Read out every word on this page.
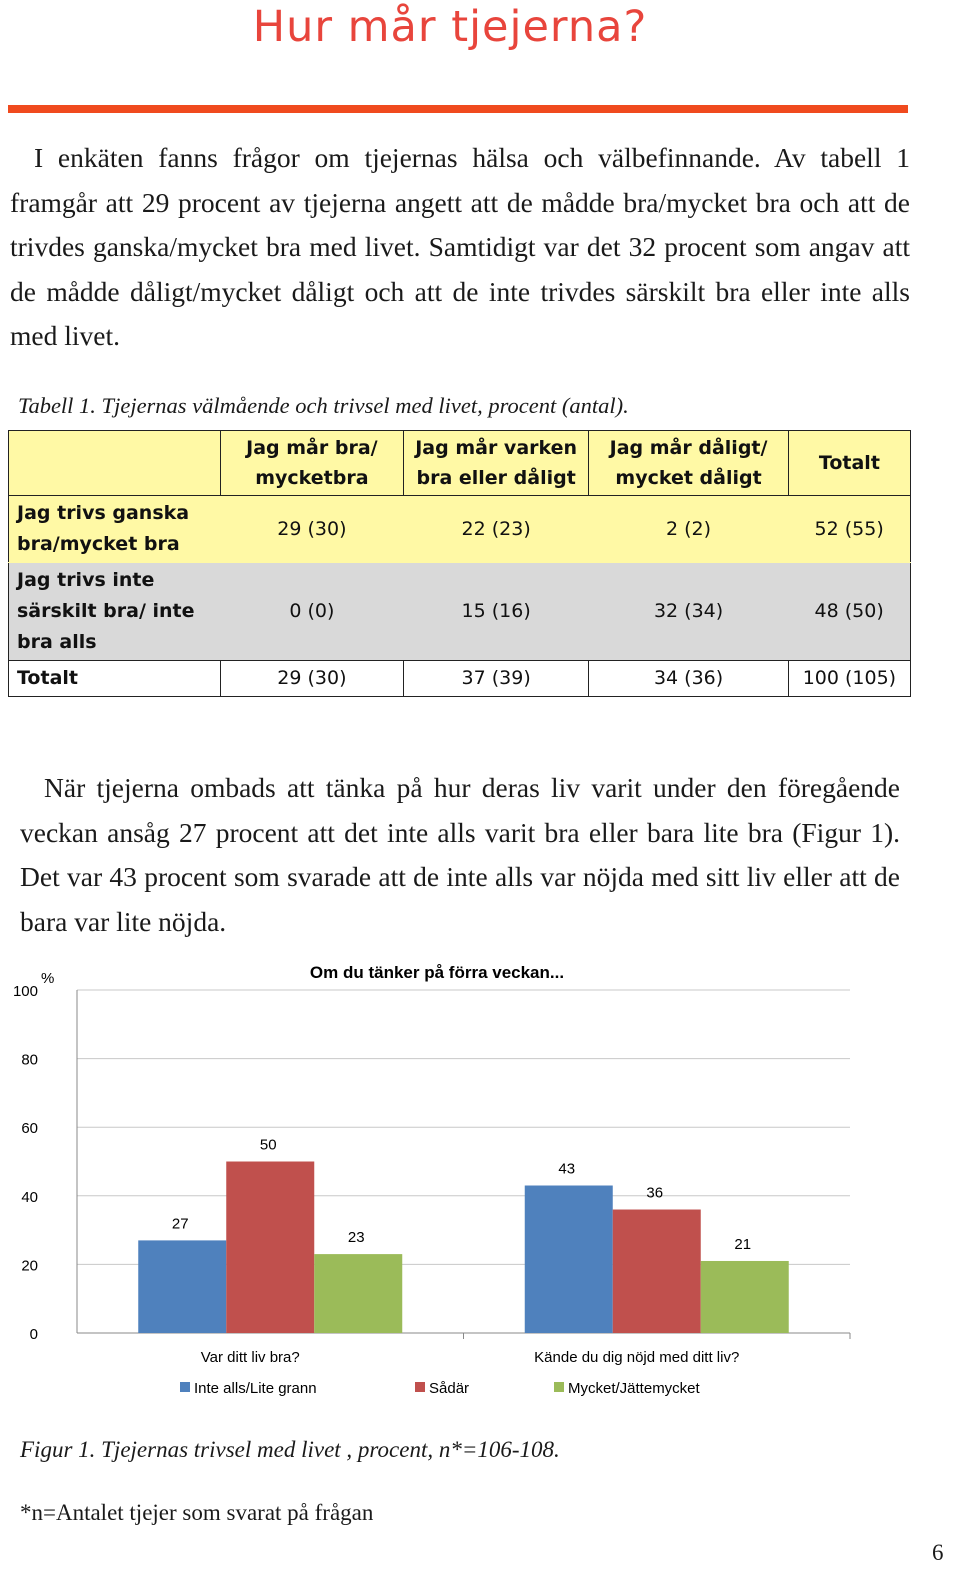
Hur mår tjejerna?

I enkäten fanns frågor om tjejernas hälsa och välbefinnande. Av tabell 1 framgår att 29 procent av tjejerna angett att de mådde bra/mycket bra och att de trivdes ganska/mycket bra med livet. Samtidigt var det 32 procent som angav att de mådde dåligt/mycket dåligt och att de inte trivdes särskilt bra eller inte alls med livet.

Tabell 1. Tjejernas välmående och trivsel med livet, procent (antal).
	Jag mår bra/ mycketbra	Jag mår varken bra eller dåligt	Jag mår dåligt/ mycket dåligt	Totalt
Jag trivs ganska bra/mycket bra	29 (30)	22 (23)	2 (2)	52 (55)
Jag trivs inte särskilt bra/ inte bra alls	0 (0)	15 (16)	32 (34)	48 (50)
Totalt	29 (30)	37 (39)	34 (36)	100 (105)

När tjejerna ombads att tänka på hur deras liv varit under den föregående veckan ansåg 27 procent att det inte alls varit bra eller bara lite bra (Figur 1). Det var 43 procent som svarade att de inte alls var nöjda med sitt liv eller att de bara var lite nöjda.

0
20
40
60
80
100
Om du tänker på förra veckan...
%
27
50
23
43
36
21
Var ditt liv bra?	Kände du dig nöjd med ditt liv?
Inte alls/Lite grann	Sådär	Mycket/Jättemycket
Figur 1. Tjejernas trivsel med livet , procent, n*=106-108.
*n=Antalet tjejer som svarat på frågan
6
